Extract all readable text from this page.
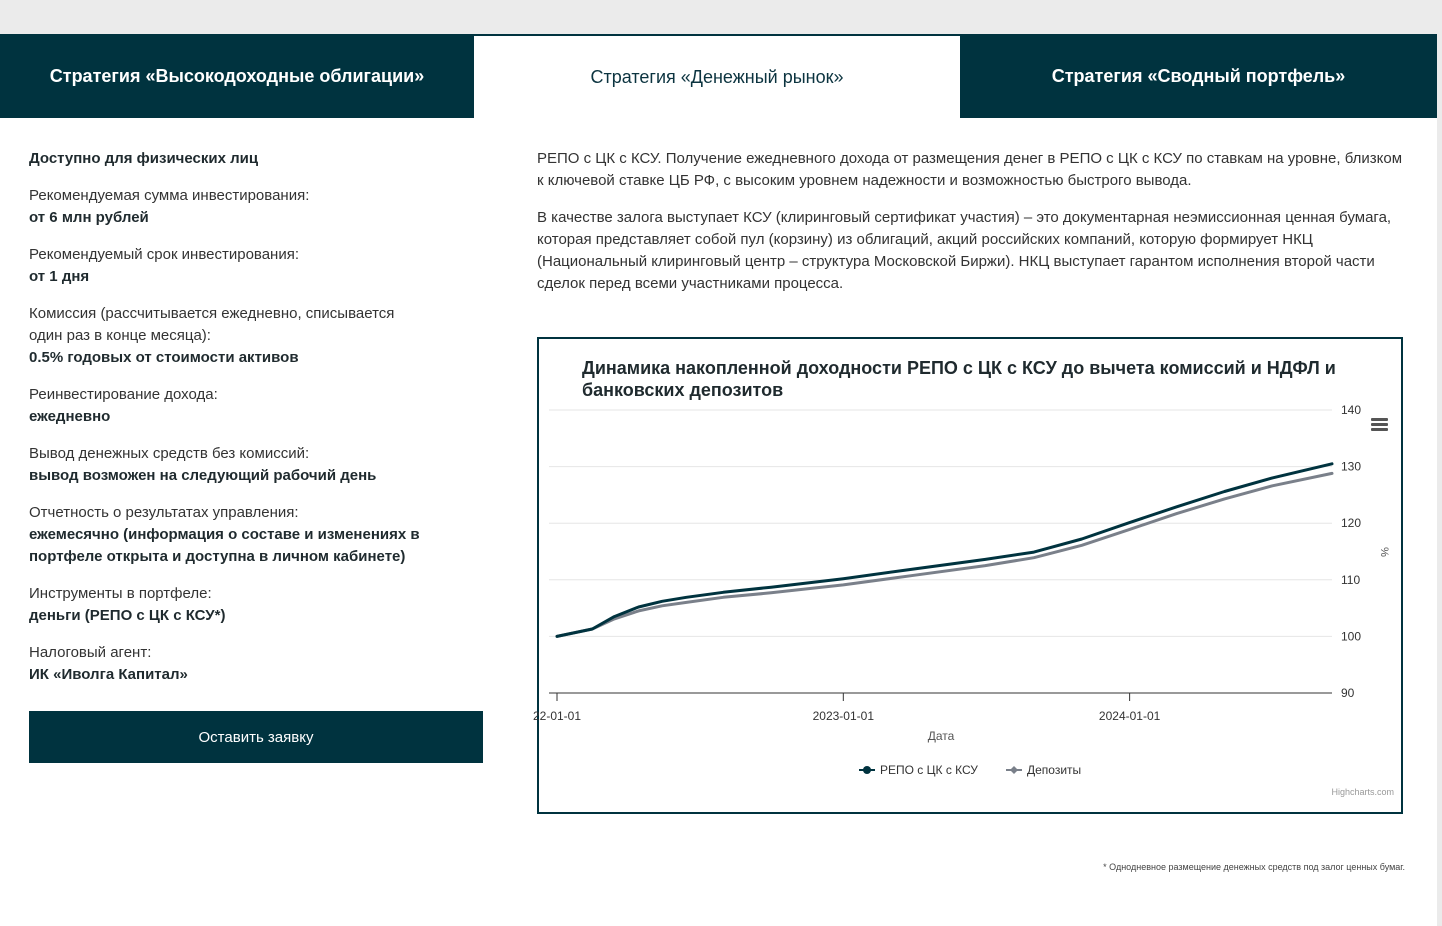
Стратегия «Высокодоходные облигации»	Стратегия «Денежный рынок»	Стратегия «Сводный портфель»
Доступно для физических лиц
Рекомендуемая сумма инвестирования:
от 6 млн рублей
Рекомендуемый срок инвестирования:
от 1 дня
Комиссия (рассчитывается ежедневно, списывается один раз в конце месяца):
0.5% годовых от стоимости активов
Реинвестирование дохода:
ежедневно
Вывод денежных средств без комиссий:
вывод возможен на следующий рабочий день
Отчетность о результатах управления:
ежемесячно (информация о составе и изменениях в портфеле открыта и доступна в личном кабинете)
Инструменты в портфеле:
деньги (РЕПО с ЦК с КСУ*)
Налоговый агент:
ИК «Иволга Капитал»
Оставить заявку

РЕПО с ЦК с КСУ. Получение ежедневного дохода от размещения денег в РЕПО с ЦК с КСУ по ставкам на уровне, близком
к ключевой ставке ЦБ РФ, с высоким уровнем надежности и возможностью быстрого вывода.

В качестве залога выступает КСУ (клиринговый сертификат участия) – это документарная неэмиссионная ценная бумага, которая представляет собой пул (корзину) из облигаций, акций российских компаний, которую формирует НКЦ (Национальный клиринговый центр – структура Московской Биржи). НКЦ выступает гарантом исполнения второй части сделок перед всеми участниками процесса.

Динамика накопленной доходности РЕПО с ЦК с КСУ до вычета комиссий и НДФЛ и банковских депозитов
90
100
110
120
130
140
22-01-01	2023-01-01	2024-01-01
Дата
%
РЕПО с ЦК с КСУ	Депозиты
Highcharts.com
* Однодневное размещение денежных средств под залог ценных бумаг.
